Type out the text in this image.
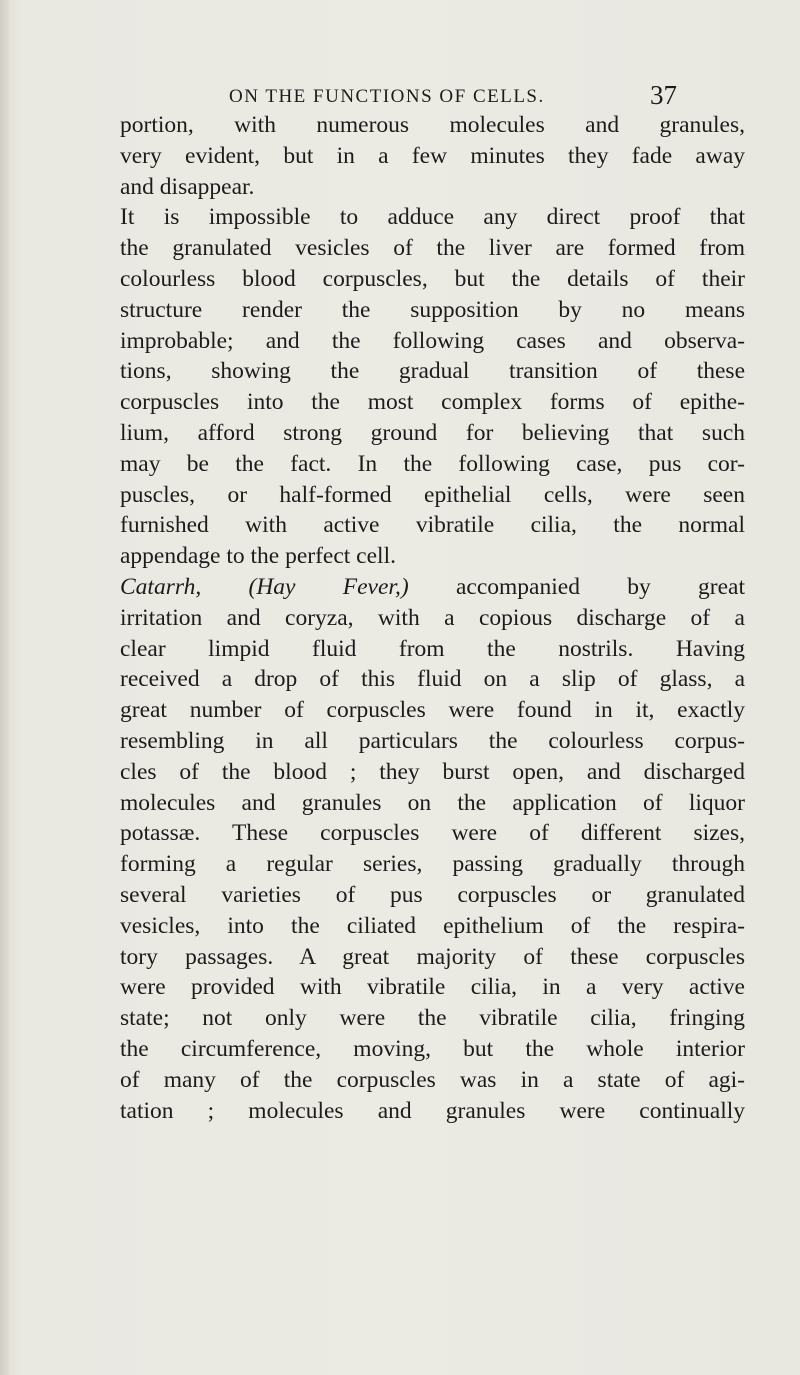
ON THE FUNCTIONS OF CELLS.	37
portion, with numerous molecules and granules,
very evident, but in a few minutes they fade away
and disappear.
It is impossible to adduce any direct proof that
the granulated vesicles of the liver are formed from
colourless blood corpuscles, but the details of their
structure render the supposition by no means
improbable; and the following cases and observa-
tions, showing the gradual transition of these
corpuscles into the most complex forms of epithe-
lium, afford strong ground for believing that such
may be the fact. In the following case, pus cor-
puscles, or half-formed epithelial cells, were seen
furnished with active vibratile cilia, the normal
appendage to the perfect cell.
Catarrh, (Hay Fever,) accompanied by great
irritation and coryza, with a copious discharge of a
clear limpid fluid from the nostrils. Having
received a drop of this fluid on a slip of glass, a
great number of corpuscles were found in it, exactly
resembling in all particulars the colourless corpus-
cles of the blood ; they burst open, and discharged
molecules and granules on the application of liquor
potassæ. These corpuscles were of different sizes,
forming a regular series, passing gradually through
several varieties of pus corpuscles or granulated
vesicles, into the ciliated epithelium of the respira-
tory passages. A great majority of these corpuscles
were provided with vibratile cilia, in a very active
state; not only were the vibratile cilia, fringing
the circumference, moving, but the whole interior
of many of the corpuscles was in a state of agi-
tation ; molecules and granules were continually
